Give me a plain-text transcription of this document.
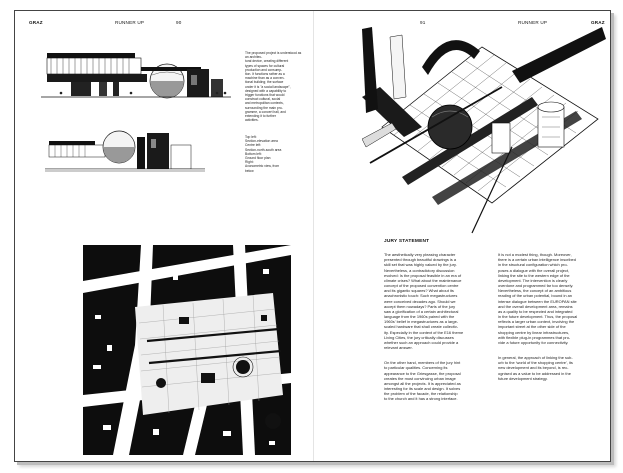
GRAZ	RUNNER UP	90
The proposed project is understood as an architec-
tural device, creating different
types of spaces for cultural
production and consump-
tion. It functions rather as a
machine than as a conven-
tional building; the surface
under it is "a social landscape",
designed with a capability to
trigger functions that would
construct cultural, social
and metropolitan contexts,
surrounding the main pro-
gramme, a concert hall, and
extending it to further
activities.
Top left:
Section-elevation area
Centre left:
Section-north-south area
Bottom left:
Ground floor plan
Right:
Axonometric view, from
below
91	RUNNER UP	GRAZ
JURY STATEMENT

The aesthetically very pleasing character
presented through beautiful drawings is a
skill set that was highly valued by the jury.
Nevertheless, a contradictory discussion
evolved: Is the proposal feasible in an era of
climate crises? What about the maintenance
concept of the proposed convention centre
and its gigantic squares? What about its
anachronistic touch: Such megastructures
were conceived decades ago. Should we
accept them nowadays? Parts of the jury
saw a glorification of a certain architectural
language from the 1960s paired with the
1960s' belief in megastructures as a large-
scaled hardware that shall create collectiv-
ity. Especially in the context of the E16 theme
Living Cities, the jury critically discusses
whether such an approach could provide a
relevant answer.

On the other hand, members of the jury hint
to particular qualities. Concerning its
appearance to the Griesgasse, the proposal
creates the most convincing urban image
amongst all the projects. It is appreciated as
interesting for its scale and design. It solves
the problem of the facade, the relationship
to the church and it has a strong interface.

It is not a modest thing, though. Moreover,
there is a certain urban intelligence inscribed
in the structural configuration which pro-
poses a dialogue with the overall project,
linking the site to the western edge of the
development. The intervention is clearly
overdone and programmed far too densely.
Nevertheless, the concept of an ambitious
reading of the urban potential, bound in an
intense dialogue between the EUROPAN site
and the overall development area, remains
as a quality to be respected and integrated
in the future development. Thus, the proposal
reflects a larger urban context, involving the
important street at the other side of the
shopping centre by linear infrastructures,
with flexible plug-in programmes that pro-
vide a future opportunity for connectivity.

In general, the approach of linking the sub-
urb to the 'world of the shopping centre', its
new development and its beyond, is rec-
ognised as a value to be addressed in the
future development strategy.
